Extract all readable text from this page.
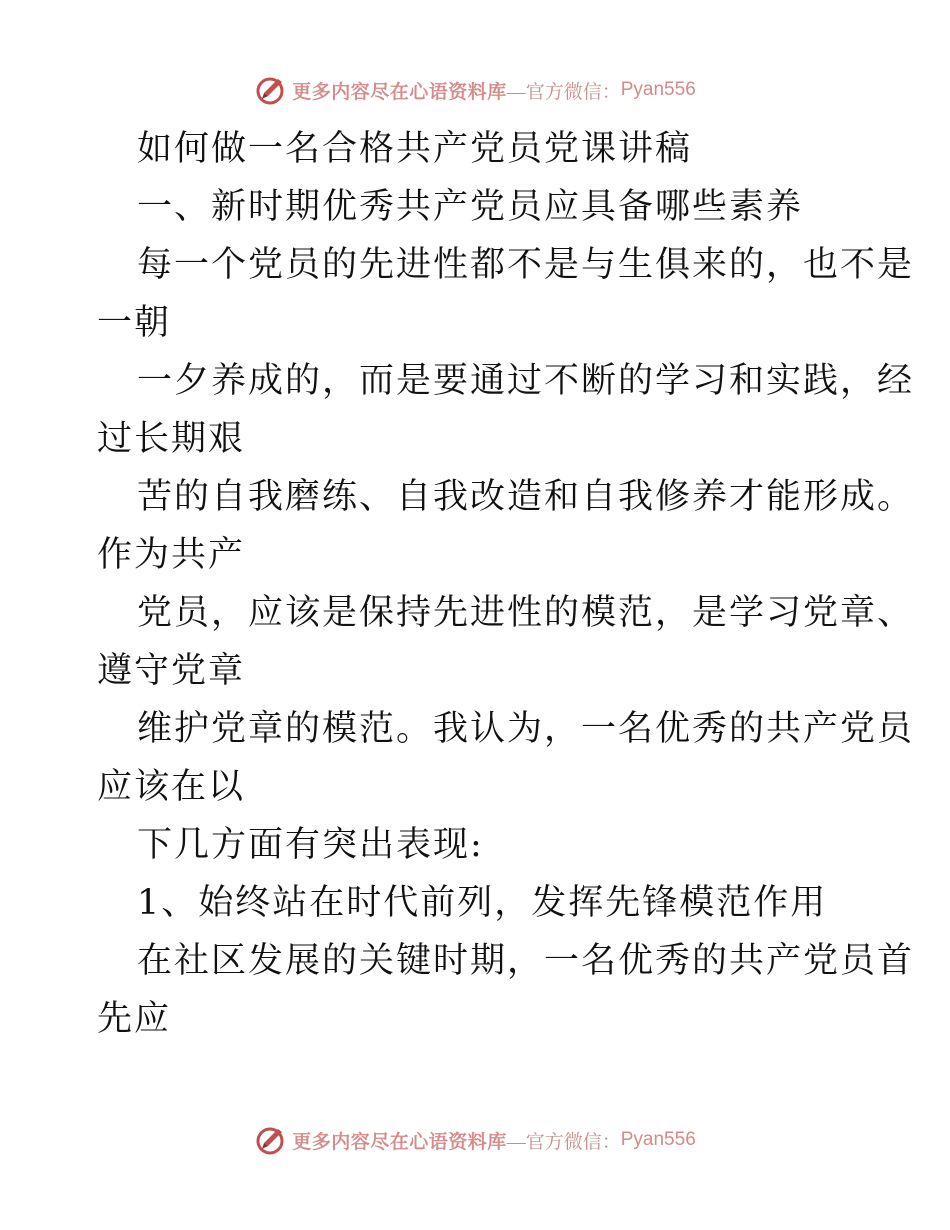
更多内容尽在心语资料库 —官方微信： Pyan556
如何做一名合格共产党员党课讲稿
一、新时期优秀共产党员应具备哪些素养
每一个党员的先进性都不是与生俱来的，也不是
一朝
一夕养成的，而是要通过不断的学习和实践，经
过长期艰
苦的自我磨练、自我改造和自我修养才能形成。
作为共产
党员，应该是保持先进性的模范，是学习党章、
遵守党章
维护党章的模范。我认为，一名优秀的共产党员
应该在以
下几方面有突出表现:
1、始终站在时代前列，发挥先锋模范作用
在社区发展的关键时期，一名优秀的共产党员首
先应
更多内容尽在心语资料库 —官方微信： Pyan556
